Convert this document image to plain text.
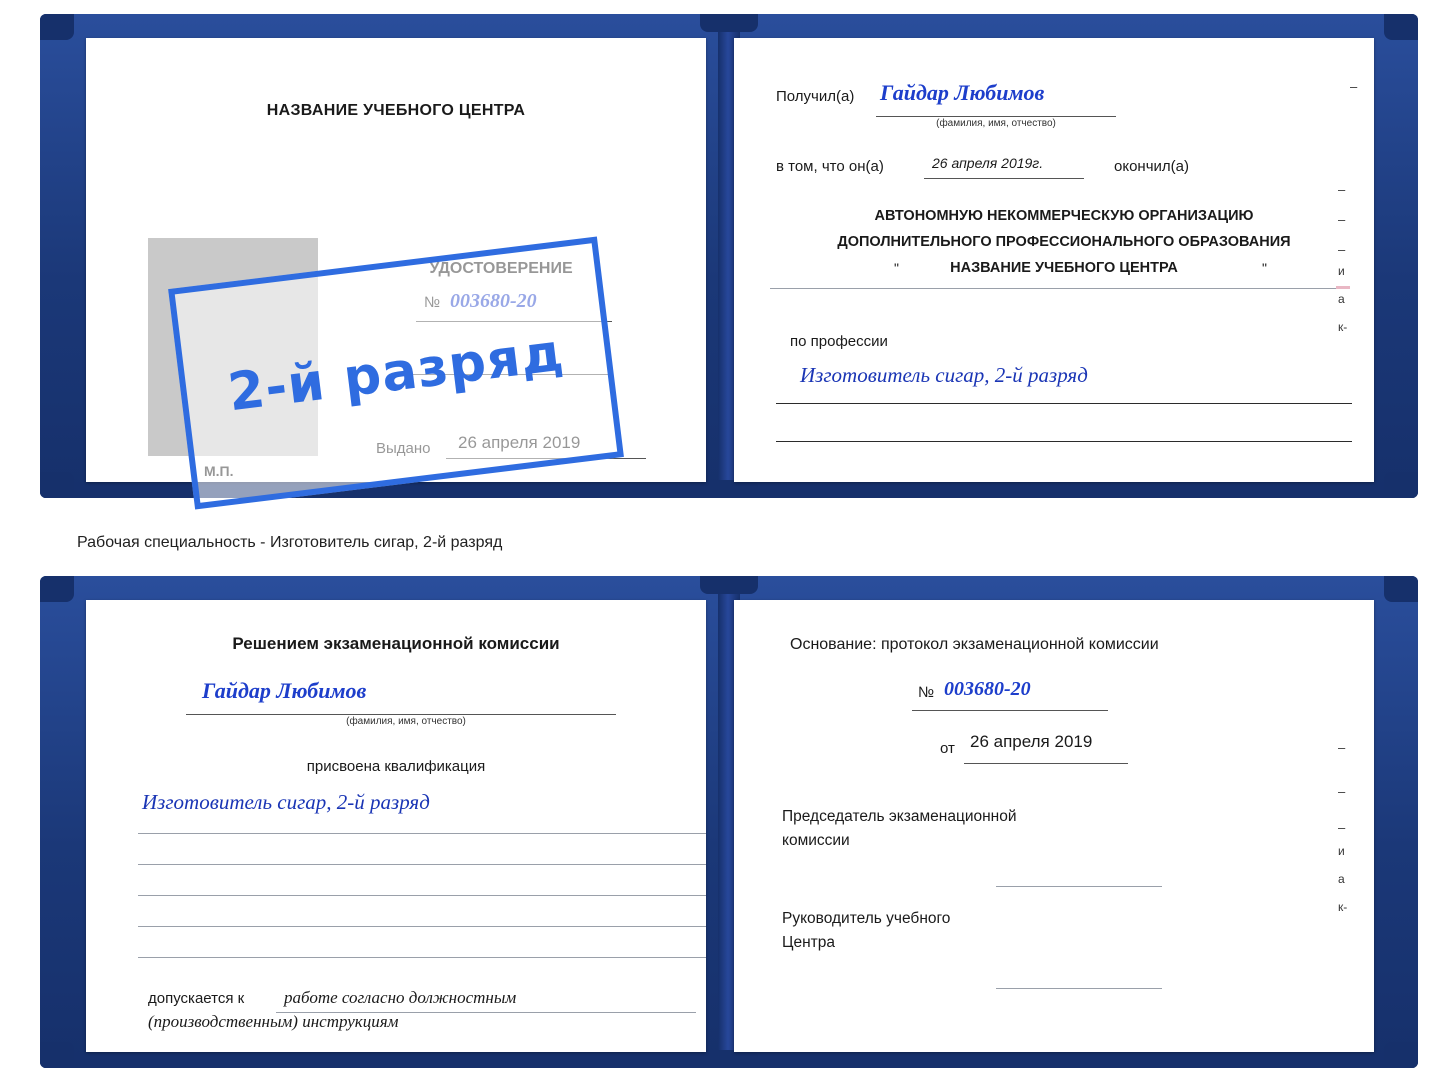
НАЗВАНИЕ УЧЕБНОГО ЦЕНТРА
Получил(а) Гайдар Любимов
(фамилия, имя, отчество)
в том, что он(а)	26 апреля 2019г.	окончил(а)
АВТОНОМНУЮ НЕКОММЕРЧЕСКУЮ ОРГАНИЗАЦИЮ
ДОПОЛНИТЕЛЬНОГО ПРОФЕССИОНАЛЬНОГО ОБРАЗОВАНИЯ
"	НАЗВАНИЕ УЧЕБНОГО ЦЕНТРА	"
по профессии
Изготовитель сигар, 2-й разряд
–
–
–
–
и
а
к-
Рабочая специальность - Изготовитель сигар, 2-й разряд
Решением экзаменационной комиссии
Гайдар Любимов
(фамилия, имя, отчество)
присвоена квалификация
Изготовитель сигар, 2-й разряд
допускается к работе согласно должностным
(производственным) инструкциям
Основание: протокол экзаменационной комиссии
№ 003680-20
от 26 апреля 2019
Председатель экзаменационной
комиссии
Руководитель учебного
Центра
–
–
–
и
а
к-
2-й разряд
